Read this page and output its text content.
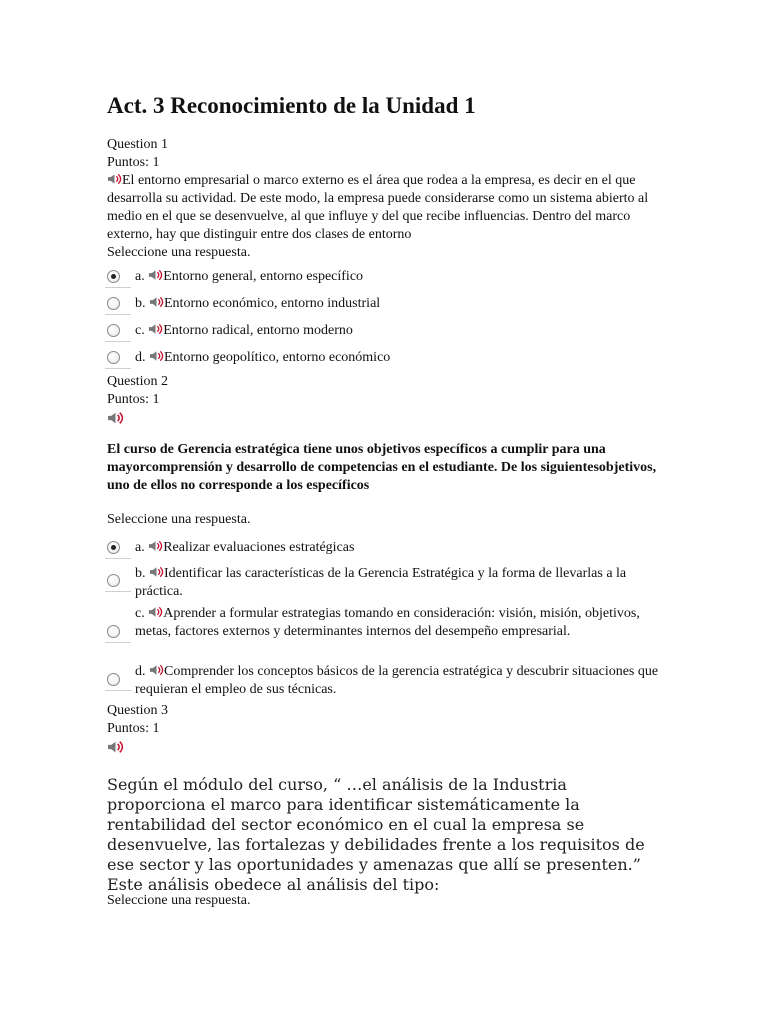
Act. 3 Reconocimiento de la Unidad 1
Question 1
Puntos: 1
El entorno empresarial o marco externo es el área que rodea a la empresa, es decir en el que desarrolla su actividad. De este modo, la empresa puede considerarse como un sistema abierto al medio en el que se desenvuelve, al que influye y del que recibe influencias. Dentro del marco externo, hay que distinguir entre dos clases de entorno
Seleccione una respuesta.
a. Entorno general, entorno específico
b. Entorno económico, entorno industrial
c. Entorno radical, entorno moderno
d. Entorno geopolítico, entorno económico
Question 2
Puntos: 1
El curso de Gerencia estratégica tiene unos objetivos específicos a cumplir para una mayorcomprensión y desarrollo de competencias en el estudiante. De los siguientesobjetivos, uno de ellos no corresponde a los específicos
Seleccione una respuesta.
a. Realizar evaluaciones estratégicas
b. Identificar las características de la Gerencia Estratégica y la forma de llevarlas a la práctica.
c. Aprender a formular estrategias tomando en consideración: visión, misión, objetivos, metas, factores externos y determinantes internos del desempeño empresarial.
d. Comprender los conceptos básicos de la gerencia estratégica y descubrir situaciones que requieran el empleo de sus técnicas.
Question 3
Puntos: 1
Según el módulo del curso, “ …el análisis de la Industria proporciona el marco para identificar sistemáticamente la rentabilidad del sector económico en el cual la empresa se desenvuelve, las fortalezas y debilidades frente a los requisitos de ese sector y las oportunidades y amenazas que allí se presenten.” Este análisis obedece al análisis del tipo:
Seleccione una respuesta.
